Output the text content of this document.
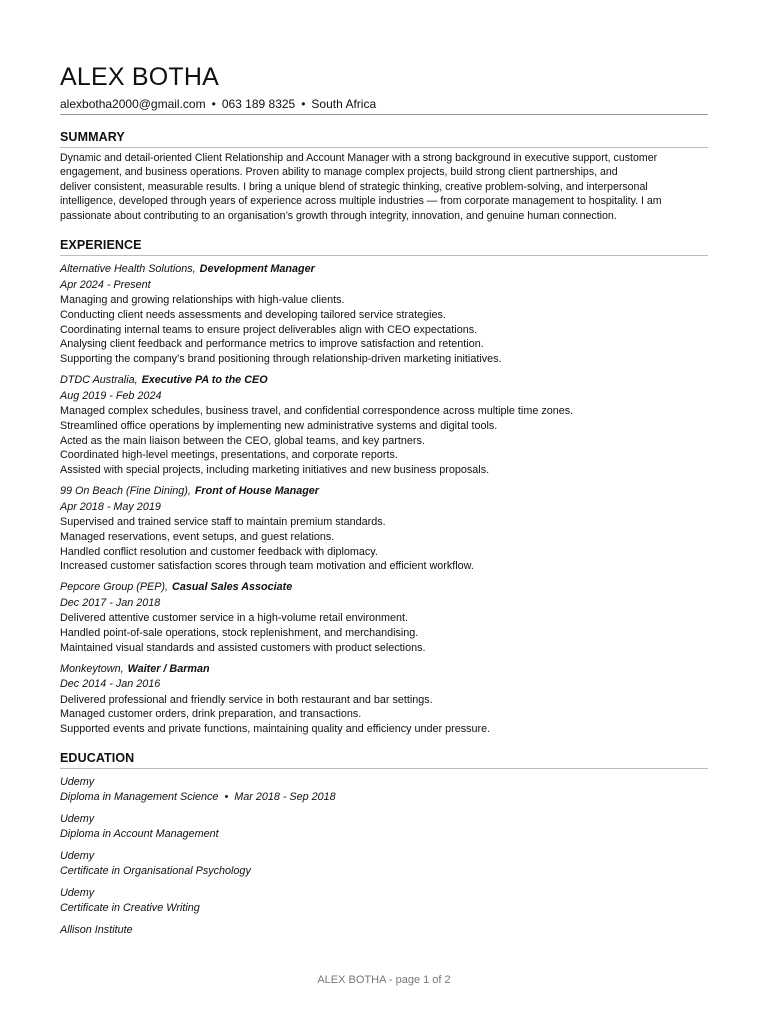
ALEX BOTHA
alexbotha2000@gmail.com • 063 189 8325 • South Africa
SUMMARY
Dynamic and detail-oriented Client Relationship and Account Manager with a strong background in executive support, customer
engagement, and business operations. Proven ability to manage complex projects, build strong client partnerships, and
deliver consistent, measurable results. I bring a unique blend of strategic thinking, creative problem-solving, and interpersonal
intelligence, developed through years of experience across multiple industries — from corporate management to hospitality. I am
passionate about contributing to an organisation’s growth through integrity, innovation, and genuine human connection.
EXPERIENCE
Alternative Health Solutions, Development Manager
Apr 2024 - Present
Managing and growing relationships with high-value clients.
Conducting client needs assessments and developing tailored service strategies.
Coordinating internal teams to ensure project deliverables align with CEO expectations.
Analysing client feedback and performance metrics to improve satisfaction and retention.
Supporting the company’s brand positioning through relationship-driven marketing initiatives.
DTDC Australia, Executive PA to the CEO
Aug 2019 - Feb 2024
Managed complex schedules, business travel, and confidential correspondence across multiple time zones.
Streamlined office operations by implementing new administrative systems and digital tools.
Acted as the main liaison between the CEO, global teams, and key partners.
Coordinated high-level meetings, presentations, and corporate reports.
Assisted with special projects, including marketing initiatives and new business proposals.
99 On Beach (Fine Dining), Front of House Manager
Apr 2018 - May 2019
Supervised and trained service staff to maintain premium standards.
Managed reservations, event setups, and guest relations.
Handled conflict resolution and customer feedback with diplomacy.
Increased customer satisfaction scores through team motivation and efficient workflow.
Pepcore Group (PEP), Casual Sales Associate
Dec 2017 - Jan 2018
Delivered attentive customer service in a high-volume retail environment.
Handled point-of-sale operations, stock replenishment, and merchandising.
Maintained visual standards and assisted customers with product selections.
Monkeytown, Waiter / Barman
Dec 2014 - Jan 2016
Delivered professional and friendly service in both restaurant and bar settings.
Managed customer orders, drink preparation, and transactions.
Supported events and private functions, maintaining quality and efficiency under pressure.
EDUCATION
Udemy
Diploma in Management Science • Mar 2018 - Sep 2018
Udemy
Diploma in Account Management
Udemy
Certificate in Organisational Psychology
Udemy
Certificate in Creative Writing
Allison Institute
ALEX BOTHA - page 1 of 2
